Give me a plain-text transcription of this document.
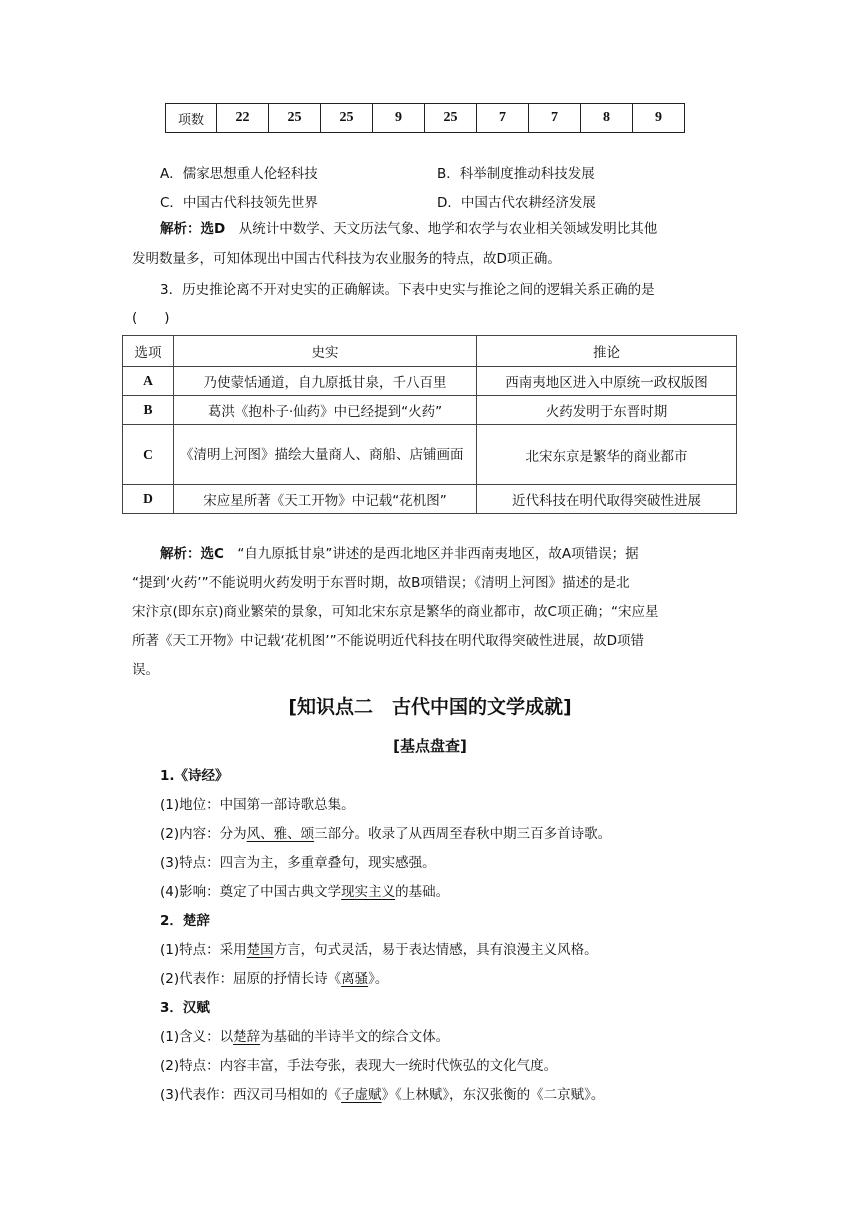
项数	22	25	25	9	25	7	7	8	9
A．儒家思想重人伦轻科技	B．科举制度推动科技发展
C．中国古代科技领先世界	D．中国古代农耕经济发展
解析：选D　从统计中数学、天文历法气象、地学和农学与农业相关领域发明比其他
发明数量多，可知体现出中国古代科技为农业服务的特点，故D项正确。
3．历史推论离不开对史实的正确解读。下表中史实与推论之间的逻辑关系正确的是
(　　)
选项	史实	推论
A	乃使蒙恬通道，自九原抵甘泉，千八百里	西南夷地区进入中原统一政权版图
B	葛洪《抱朴子·仙药》中已经提到“火药”	火药发明于东晋时期
C	《清明上河图》描绘大量商人、商船、店铺画面	北宋东京是繁华的商业都市
D	宋应星所著《天工开物》中记载“花机图”	近代科技在明代取得突破性进展
解析：选C　“自九原抵甘泉”讲述的是西北地区并非西南夷地区，故A项错误；据
“提到‘火药’”不能说明火药发明于东晋时期，故B项错误；《清明上河图》描述的是北
宋汴京(即东京)商业繁荣的景象，可知北宋东京是繁华的商业都市，故C项正确；“宋应星
所著《天工开物》中记载‘花机图’”不能说明近代科技在明代取得突破性进展，故D项错
误。
[知识点二　古代中国的文学成就]
[基点盘查]
1.《诗经》
(1)地位：中国第一部诗歌总集。
(2)内容：分为风、雅、颂三部分。收录了从西周至春秋中期三百多首诗歌。
(3)特点：四言为主，多重章叠句，现实感强。
(4)影响：奠定了中国古典文学现实主义的基础。
2．楚辞
(1)特点：采用楚国方言，句式灵活，易于表达情感，具有浪漫主义风格。
(2)代表作：屈原的抒情长诗《离骚》。
3．汉赋
(1)含义：以楚辞为基础的半诗半文的综合文体。
(2)特点：内容丰富，手法夸张，表现大一统时代恢弘的文化气度。
(3)代表作：西汉司马相如的《子虚赋》《上林赋》，东汉张衡的《二京赋》。
